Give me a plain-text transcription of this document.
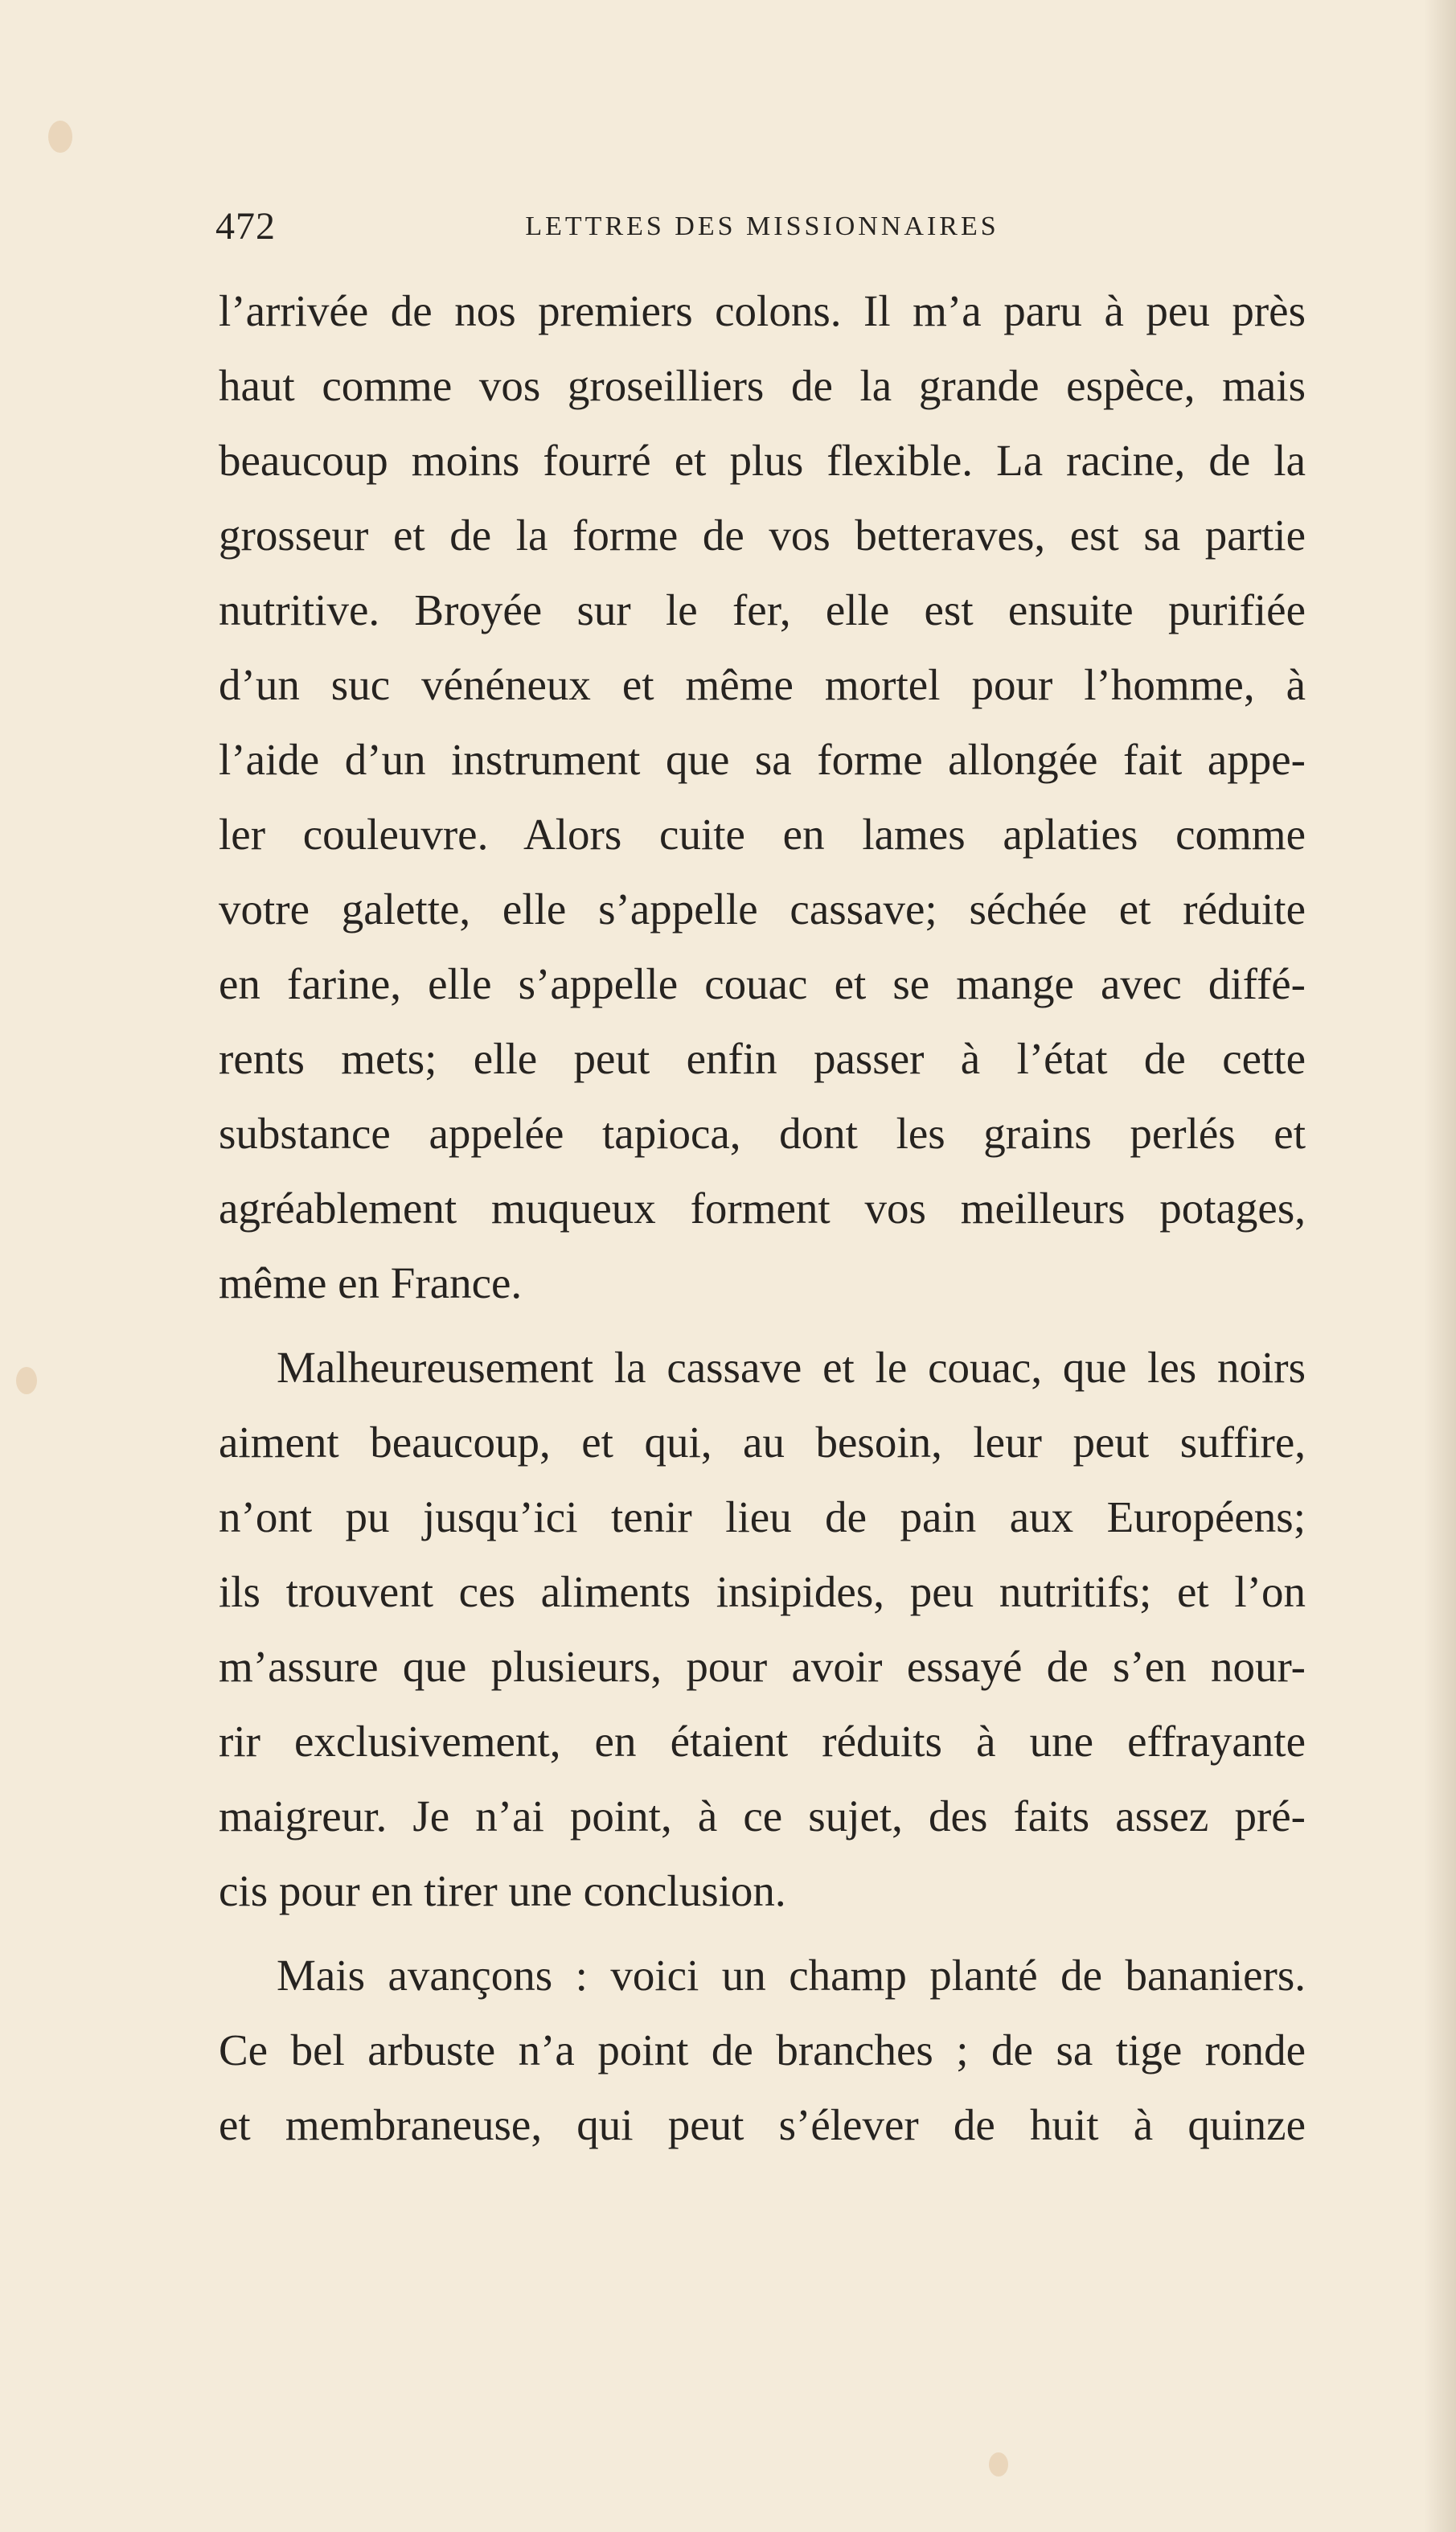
472	LETTRES DES MISSIONNAIRES
l’arrivée de nos premiers colons. Il m’a paru à peu près
haut comme vos groseilliers de la grande espèce, mais
beaucoup moins fourré et plus flexible. La racine, de la
grosseur et de la forme de vos betteraves, est sa partie
nutritive. Broyée sur le fer, elle est ensuite purifiée
d’un suc vénéneux et même mortel pour l’homme, à
l’aide d’un instrument que sa forme allongée fait appe-
ler couleuvre. Alors cuite en lames aplaties comme
votre galette, elle s’appelle cassave; séchée et réduite
en farine, elle s’appelle couac et se mange avec diffé-
rents mets; elle peut enfin passer à l’état de cette
substance appelée tapioca, dont les grains perlés et
agréablement muqueux forment vos meilleurs potages,
même en France.
Malheureusement la cassave et le couac, que les noirs
aiment beaucoup, et qui, au besoin, leur peut suffire,
n’ont pu jusqu’ici tenir lieu de pain aux Européens;
ils trouvent ces aliments insipides, peu nutritifs; et l’on
m’assure que plusieurs, pour avoir essayé de s’en nour-
rir exclusivement, en étaient réduits à une effrayante
maigreur. Je n’ai point, à ce sujet, des faits assez pré-
cis pour en tirer une conclusion.
Mais avançons : voici un champ planté de bananiers.
Ce bel arbuste n’a point de branches ; de sa tige ronde
et membraneuse, qui peut s’élever de huit à quinze
